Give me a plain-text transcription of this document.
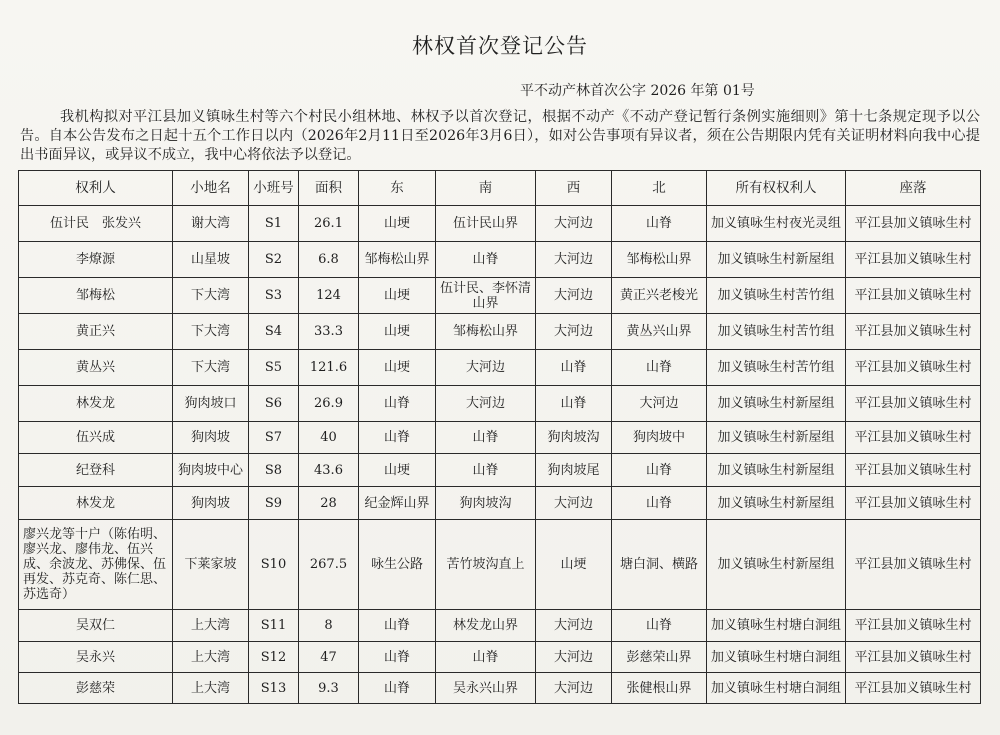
林权首次登记公告
平不动产林首次公字 2026 年第 01号
我机构拟对平江县加义镇咏生村等六个村民小组林地、林权予以首次登记，根据不动产《不动产登记暂行条例实施细则》第十七条规定现予以公告。自本公告发布之日起十五个工作日以内（2026年2月11日至2026年3月6日），如对公告事项有异议者，须在公告期限内凭有关证明材料向我中心提出书面异议，或异议不成立，我中心将依法予以登记。
权利人	小地名	小班号	面积	东	南	西	北	所有权权利人	座落
伍计民　张发兴	谢大湾	S1	26.1	山埂	伍计民山界	大河边	山脊	加义镇咏生村夜光灵组	平江县加义镇咏生村
李燎源	山星坡	S2	6.8	邹梅松山界	山脊	大河边	邹梅松山界	加义镇咏生村新屋组	平江县加义镇咏生村
邹梅松	下大湾	S3	124	山埂	伍计民、李怀清山界	大河边	黄正兴老梭光	加义镇咏生村苦竹组	平江县加义镇咏生村
黄正兴	下大湾	S4	33.3	山埂	邹梅松山界	大河边	黄丛兴山界	加义镇咏生村苦竹组	平江县加义镇咏生村
黄丛兴	下大湾	S5	121.6	山埂	大河边	山脊	山脊	加义镇咏生村苦竹组	平江县加义镇咏生村
林发龙	狗肉坡口	S6	26.9	山脊	大河边	山脊	大河边	加义镇咏生村新屋组	平江县加义镇咏生村
伍兴成	狗肉坡	S7	40	山脊	山脊	狗肉坡沟	狗肉坡中	加义镇咏生村新屋组	平江县加义镇咏生村
纪登科	狗肉坡中心	S8	43.6	山埂	山脊	狗肉坡尾	山脊	加义镇咏生村新屋组	平江县加义镇咏生村
林发龙	狗肉坡	S9	28	纪金辉山界	狗肉坡沟	大河边	山脊	加义镇咏生村新屋组	平江县加义镇咏生村
廖兴龙等十户（陈佑明、廖兴龙、廖伟龙、伍兴成、余波龙、苏佛保、伍再发、苏克奇、陈仁思、苏选奇）	下莱家坡	S10	267.5	咏生公路	苦竹坡沟直上	山埂	塘白洞、横路	加义镇咏生村新屋组	平江县加义镇咏生村
吴双仁	上大湾	S11	8	山脊	林发龙山界	大河边	山脊	加义镇咏生村塘白洞组	平江县加义镇咏生村
吴永兴	上大湾	S12	47	山脊	山脊	大河边	彭慈荣山界	加义镇咏生村塘白洞组	平江县加义镇咏生村
彭慈荣	上大湾	S13	9.3	山脊	吴永兴山界	大河边	张健根山界	加义镇咏生村塘白洞组	平江县加义镇咏生村
